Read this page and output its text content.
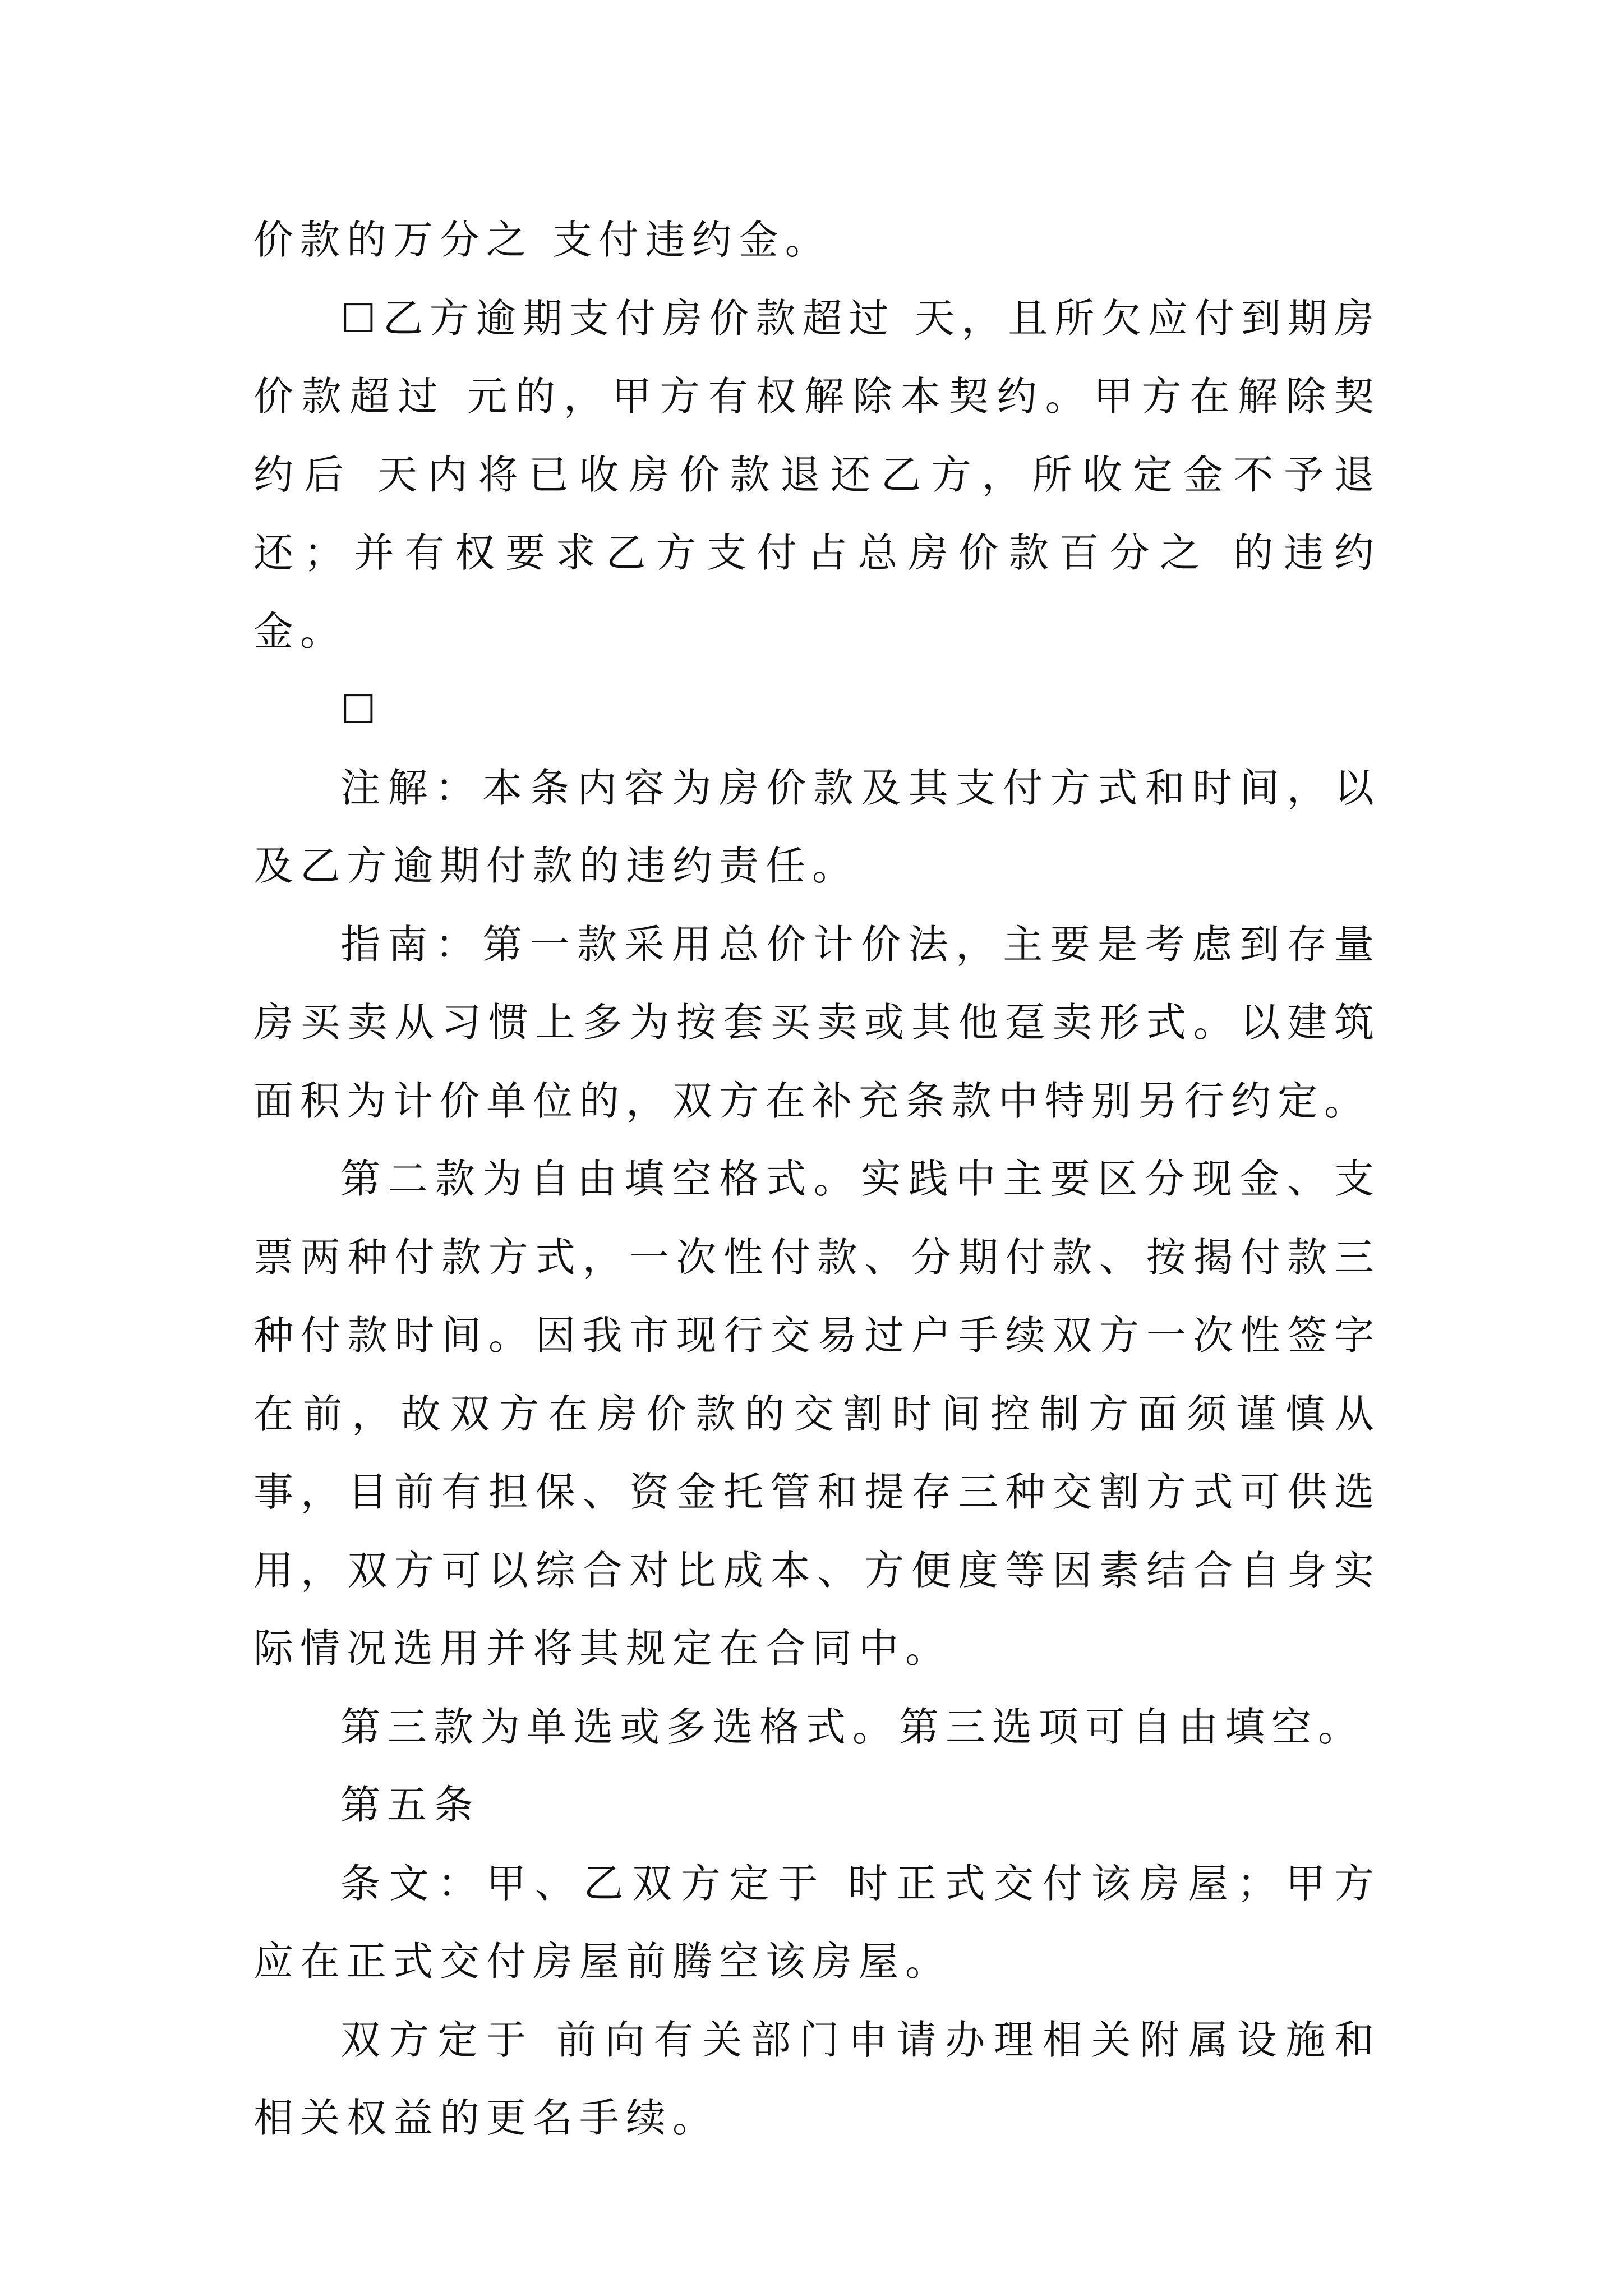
价款的万分之 支付违约金。

☐乙方逾期支付房价款超过 天，且所欠应付到期房价款超过 元的，甲方有权解除本契约。甲方在解除契约后 天内将已收房价款退还乙方，所收定金不予退还；并有权要求乙方支付占总房价款百分之 的违约金。

☐

注解：本条内容为房价款及其支付方式和时间，以及乙方逾期付款的违约责任。

指南：第一款采用总价计价法，主要是考虑到存量房买卖从习惯上多为按套买卖或其他趸卖形式。以建筑面积为计价单位的，双方在补充条款中特别另行约定。

第二款为自由填空格式。实践中主要区分现金、支票两种付款方式，一次性付款、分期付款、按揭付款三种付款时间。因我市现行交易过户手续双方一次性签字在前，故双方在房价款的交割时间控制方面须谨慎从事，目前有担保、资金托管和提存三种交割方式可供选用，双方可以综合对比成本、方便度等因素结合自身实际情况选用并将其规定在合同中。

第三款为单选或多选格式。第三选项可自由填空。

第五条

条文：甲、乙双方定于 时正式交付该房屋；甲方应在正式交付房屋前腾空该房屋。

双方定于 前向有关部门申请办理相关附属设施和相关权益的更名手续。
